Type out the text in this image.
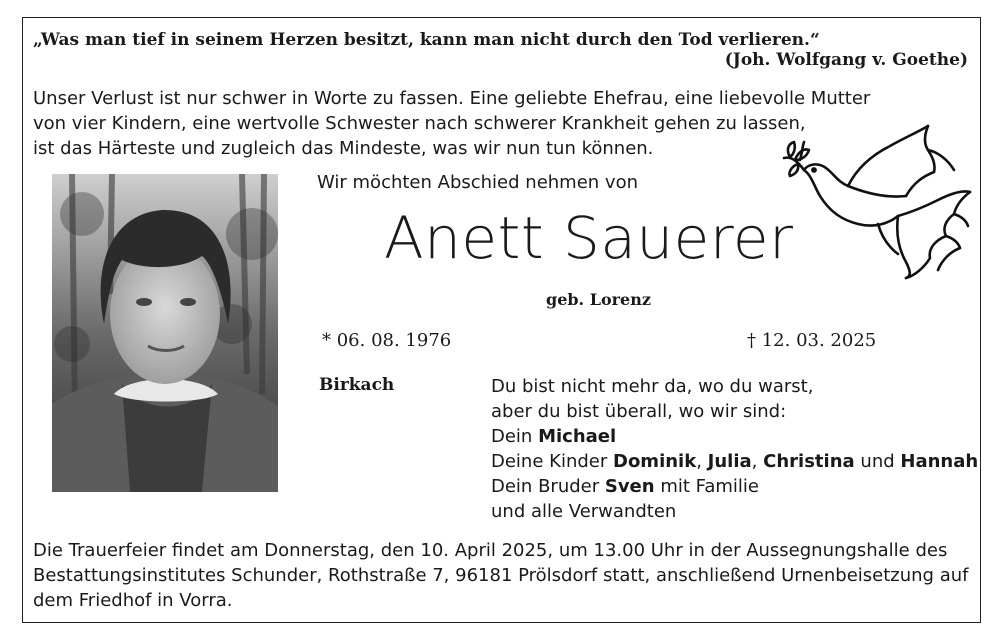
„Was man tief in seinem Herzen besitzt, kann man nicht durch den Tod verlieren.“
(Joh. Wolfgang v. Goethe)
Unser Verlust ist nur schwer in Worte zu fassen. Eine geliebte Ehefrau, eine liebevolle Mutter
von vier Kindern, eine wertvolle Schwester nach schwerer Krankheit gehen zu lassen,
ist das Härteste und zugleich das Mindeste, was wir nun tun können.
Wir möchten Abschied nehmen von
Anett Sauerer
geb. Lorenz
* 06. 08. 1976	† 12. 03. 2025
Birkach	Du bist nicht mehr da, wo du warst,
aber du bist überall, wo wir sind:
Dein Michael
Deine Kinder Dominik, Julia, Christina und Hannah
Dein Bruder Sven mit Familie
und alle Verwandten
Die Trauerfeier findet am Donnerstag, den 10. April 2025, um 13.00 Uhr in der Aussegnungshalle des
Bestattungsinstitutes Schunder, Rothstraße 7, 96181 Prölsdorf statt, anschließend Urnenbeisetzung auf
dem Friedhof in Vorra.
